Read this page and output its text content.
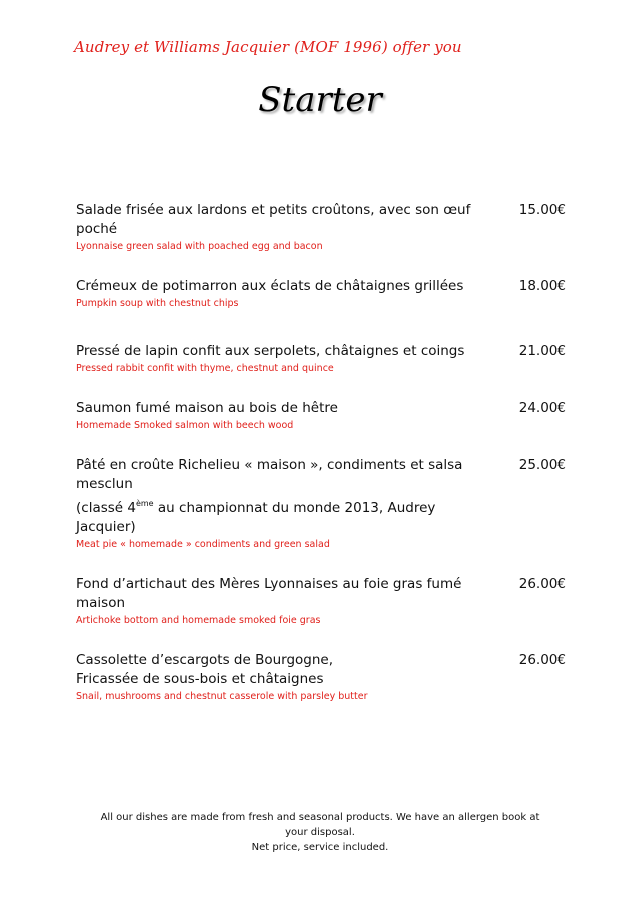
Audrey et Williams Jacquier (MOF 1996) offer you
Starter
Salade frisée aux lardons et petits croûtons, avec son œuf poché
Lyonnaise green salad with poached egg and bacon
15.00€
Crémeux de potimarron aux éclats de châtaignes grillées
Pumpkin soup with chestnut chips
18.00€
Pressé de lapin confit aux serpolets, châtaignes et coings
Pressed rabbit confit with thyme, chestnut and quince
21.00€
Saumon fumé maison au bois de hêtre
Homemade Smoked salmon with beech wood
24.00€
Pâté en croûte Richelieu « maison », condiments et salsa mesclun
(classé 4ème au championnat du monde 2013, Audrey Jacquier)
Meat pie « homemade » condiments and green salad
25.00€
Fond d’artichaut des Mères Lyonnaises au foie gras fumé maison
Artichoke bottom and homemade smoked foie gras
26.00€
Cassolette d’escargots de Bourgogne,
Fricassée de sous-bois et châtaignes
Snail, mushrooms and chestnut casserole with parsley butter
26.00€
All our dishes are made from fresh and seasonal products. We have an allergen book at your disposal.
Net price, service included.
